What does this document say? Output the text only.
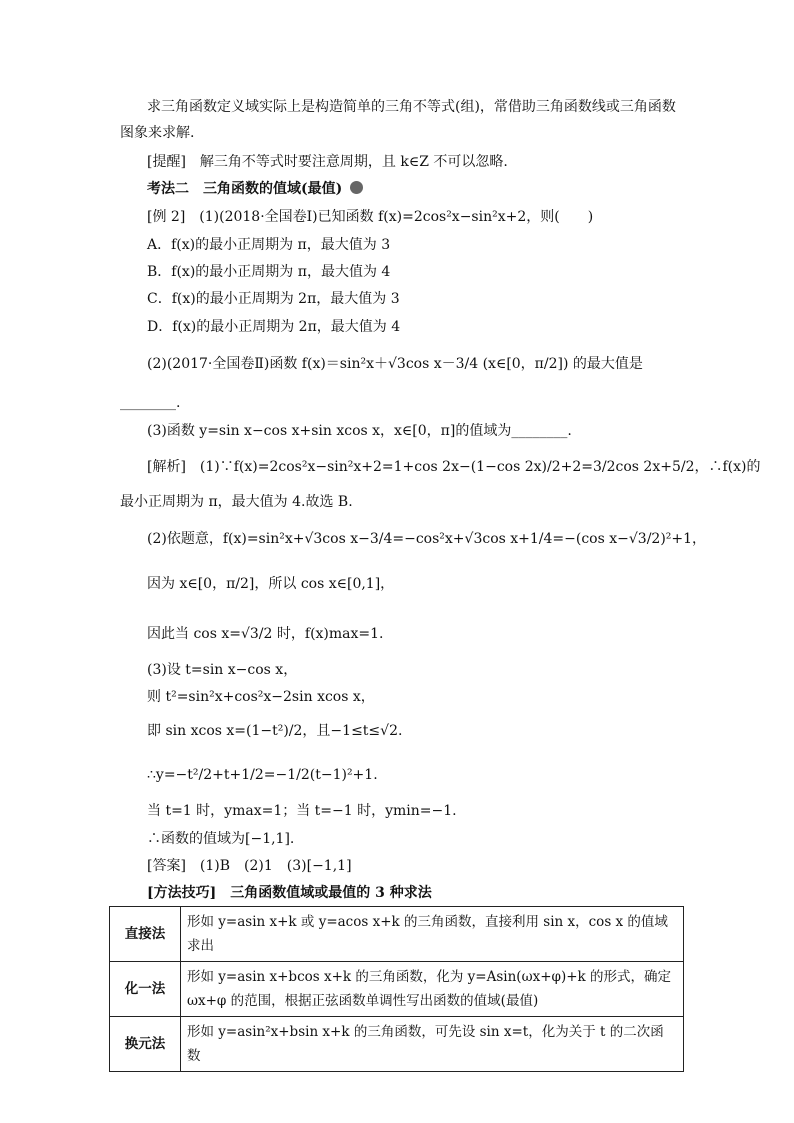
求三角函数定义域实际上是构造简单的三角不等式(组)，常借助三角函数线或三角函数
图象来求解.
[提醒]　解三角不等式时要注意周期，且 k∈Z 不可以忽略.
考法二　三角函数的值域(最值)
[例 2]　(1)(2018·全国卷Ⅰ)已知函数 f(x)=2cos²x−sin²x+2，则(　　)
A．f(x)的最小正周期为 π，最大值为 3
B．f(x)的最小正周期为 π，最大值为 4
C．f(x)的最小正周期为 2π，最大值为 3
D．f(x)的最小正周期为 2π，最大值为 4
(2)(2017·全国卷Ⅱ)函数 f(x)＝sin²x＋√3cos x－3/4 (x∈[0，π/2]) 的最大值是
________.
(3)函数 y=sin x−cos x+sin xcos x，x∈[0，π]的值域为________.
[解析]　(1)∵f(x)=2cos²x−sin²x+2=1+cos 2x−(1−cos 2x)/2+2=3/2cos 2x+5/2，∴f(x)的
最小正周期为 π，最大值为 4.故选 B.
(2)依题意，f(x)=sin²x+√3cos x−3/4=−cos²x+√3cos x+1/4=−(cos x−√3/2)²+1，
因为 x∈[0，π/2]，所以 cos x∈[0,1]，
因此当 cos x=√3/2 时，f(x)max=1.
(3)设 t=sin x−cos x，
则 t²=sin²x+cos²x−2sin xcos x，
即 sin xcos x=(1−t²)/2，且−1≤t≤√2.
∴y=−t²/2+t+1/2=−1/2(t−1)²+1.
当 t=1 时，ymax=1；当 t=−1 时，ymin=−1.
∴函数的值域为[−1,1].
[答案]　(1)B　(2)1　(3)[−1,1]
[方法技巧]　三角函数值域或最值的 3 种求法
直接法	形如 y=asin x+k 或 y=acos x+k 的三角函数，直接利用 sin x，cos x 的值域求出
化一法	形如 y=asin x+bcos x+k 的三角函数，化为 y=Asin(ωx+φ)+k 的形式，确定 ωx+φ 的范围，根据正弦函数单调性写出函数的值域(最值)
换元法	形如 y=asin²x+bsin x+k 的三角函数，可先设 sin x=t，化为关于 t 的二次函数
